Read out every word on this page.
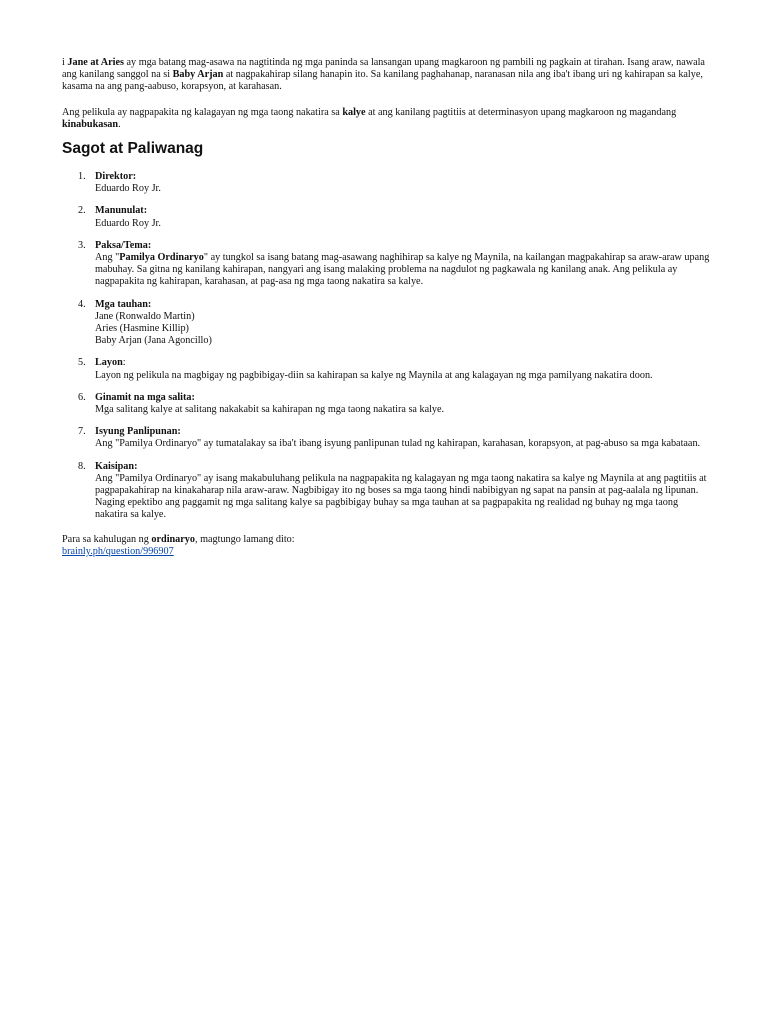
i Jane at Aries ay mga batang mag-asawa na nagtitinda ng mga paninda sa lansangan upang magkaroon ng pambili ng pagkain at tirahan. Isang araw, nawala ang kanilang sanggol na si Baby Arjan at nagpakahirap silang hanapin ito. Sa kanilang paghahanap, naranasan nila ang iba't ibang uri ng kahirapan sa kalye, kasama na ang pang-aabuso, korapsyon, at karahasan.

Ang pelikula ay nagpapakita ng kalagayan ng mga taong nakatira sa kalye at ang kanilang pagtitiis at determinasyon upang magkaroon ng magandang kinabukasan.

Sagot at Paliwanag
1. Direktor:
Eduardo Roy Jr.
2. Manunulat:
Eduardo Roy Jr.
3. Paksa/Tema:
Ang "Pamilya Ordinaryo" ay tungkol sa isang batang mag-asawang naghihirap sa kalye ng Maynila, na kailangan magpakahirap sa araw-araw upang mabuhay. Sa gitna ng kanilang kahirapan, nangyari ang isang malaking problema na nagdulot ng pagkawala ng kanilang anak. Ang pelikula ay nagpapakita ng kahirapan, karahasan, at pag-asa ng mga taong nakatira sa kalye.
4. Mga tauhan:
Jane (Ronwaldo Martin)
Aries (Hasmine Killip)
Baby Arjan (Jana Agoncillo)
5. Layon:
Layon ng pelikula na magbigay ng pagbibigay-diin sa kahirapan sa kalye ng Maynila at ang kalagayan ng mga pamilyang nakatira doon.
6. Ginamit na mga salita:
Mga salitang kalye at salitang nakakabit sa kahirapan ng mga taong nakatira sa kalye.
7. Isyung Panlipunan:
Ang "Pamilya Ordinaryo" ay tumatalakay sa iba't ibang isyung panlipunan tulad ng kahirapan, karahasan, korapsyon, at pag-abuso sa mga kabataan.
8. Kaisipan:
Ang "Pamilya Ordinaryo" ay isang makabuluhang pelikula na nagpapakita ng kalagayan ng mga taong nakatira sa kalye ng Maynila at ang pagtitiis at pagpapakahirap na kinakaharap nila araw-araw. Nagbibigay ito ng boses sa mga taong hindi nabibigyan ng sapat na pansin at pag-aalala ng lipunan. Naging epektibo ang paggamit ng mga salitang kalye sa pagbibigay buhay sa mga tauhan at sa pagpapakita ng realidad ng buhay ng mga taong nakatira sa kalye.

Para sa kahulugan ng ordinaryo, magtungo lamang dito:

brainly.ph/question/996907
